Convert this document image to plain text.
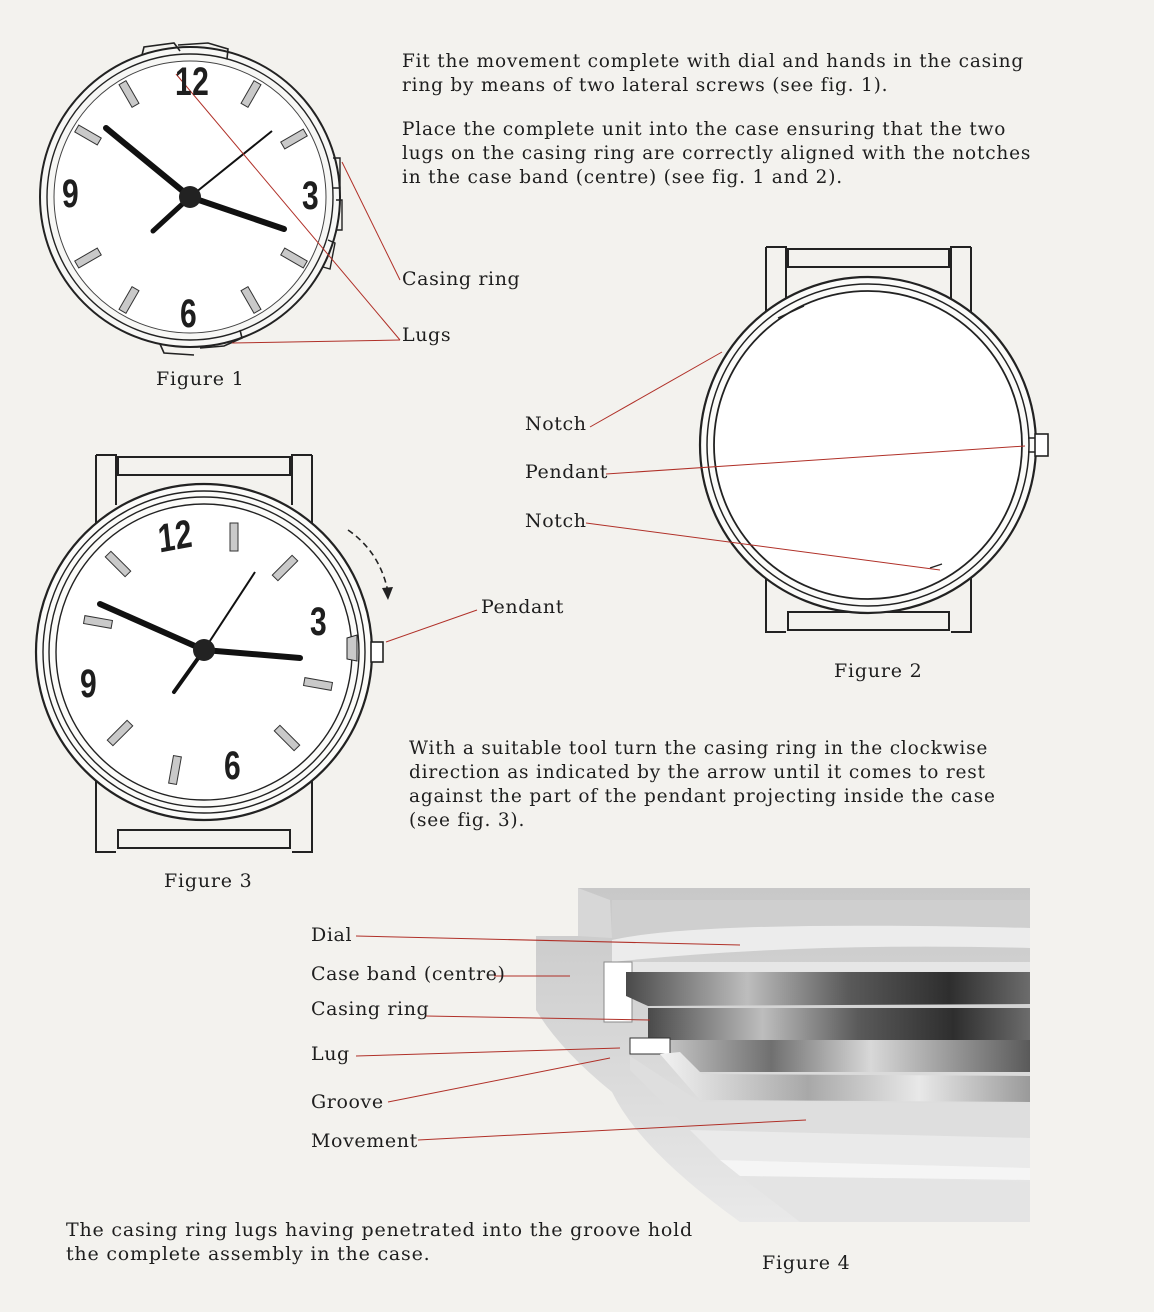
12
3
6
9
12
3
6
9

Fit the movement complete with dial and hands in the casing ring by means of two lateral screws (see fig. 1).

Place the complete unit into the case ensuring that the two lugs on the casing ring are correctly aligned with the notches in the case band (centre) (see fig. 1 and 2).

Casing ring
Lugs
Figure 1
Notch
Pendant
Notch
Figure 2
Pendant
Figure 3

With a suitable tool turn the casing ring in the clockwise direction as indicated by the arrow until it comes to rest against the part of the pendant projecting inside the case (see fig. 3).

Dial
Case band (centre)
Casing ring
Lug
Groove
Movement
Figure 4

The casing ring lugs having penetrated into the groove hold the complete assembly in the case.
